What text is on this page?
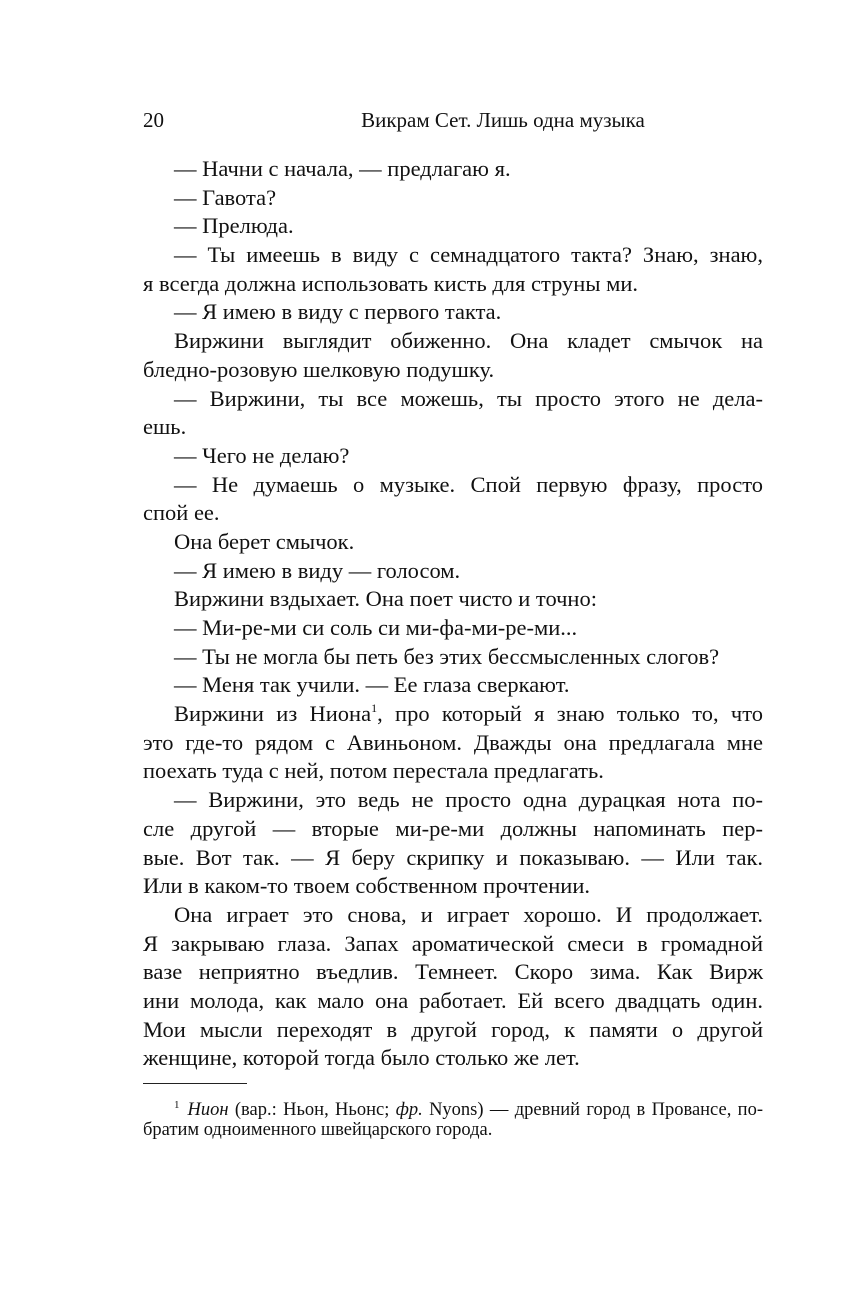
20	Викрам Сет. Лишь одна музыка
— Начни с начала, — предлагаю я.
— Гавота?
— Прелюда.
— Ты имеешь в виду с семнадцатого такта? Знаю, знаю,
я всегда должна использовать кисть для струны ми.
— Я имею в виду с первого такта.
Виржини выглядит обиженно. Она кладет смычок на
бледно-розовую шелковую подушку.
— Виржини, ты все можешь, ты просто этого не дела-
ешь.
— Чего не делаю?
— Не думаешь о музыке. Спой первую фразу, просто
спой ее.
Она берет смычок.
— Я имею в виду — голосом.
Виржини вздыхает. Она поет чисто и точно:
— Ми-ре-ми си соль си ми-фа-ми-ре-ми...
— Ты не могла бы петь без этих бессмысленных слогов?
— Меня так учили. — Ее глаза сверкают.
Виржини из Ниона$^1$, про который я знаю только то, что
это где-то рядом с Авиньоном. Дважды она предлагала мне
поехать туда с ней, потом перестала предлагать.
— Виржини, это ведь не просто одна дурацкая нота по-
сле другой — вторые ми-ре-ми должны напоминать пер-
вые. Вот так. — Я беру скрипку и показываю. — Или так.
Или в каком-то твоем собственном прочтении.
Она играет это снова, и играет хорошо. И продолжает.
Я закрываю глаза. Запах ароматической смеси в громадной
вазе неприятно въедлив. Темнеет. Скоро зима. Как Вирж
ини молода, как мало она работает. Ей всего двадцать один.
Мои мысли переходят в другой город, к памяти о другой
женщине, которой тогда было столько же лет.
$^1$ Нион (вар.: Ньон, Ньонс; фр. Nyons) — древний город в Провансе, по-
братим одноименного швейцарского города.
